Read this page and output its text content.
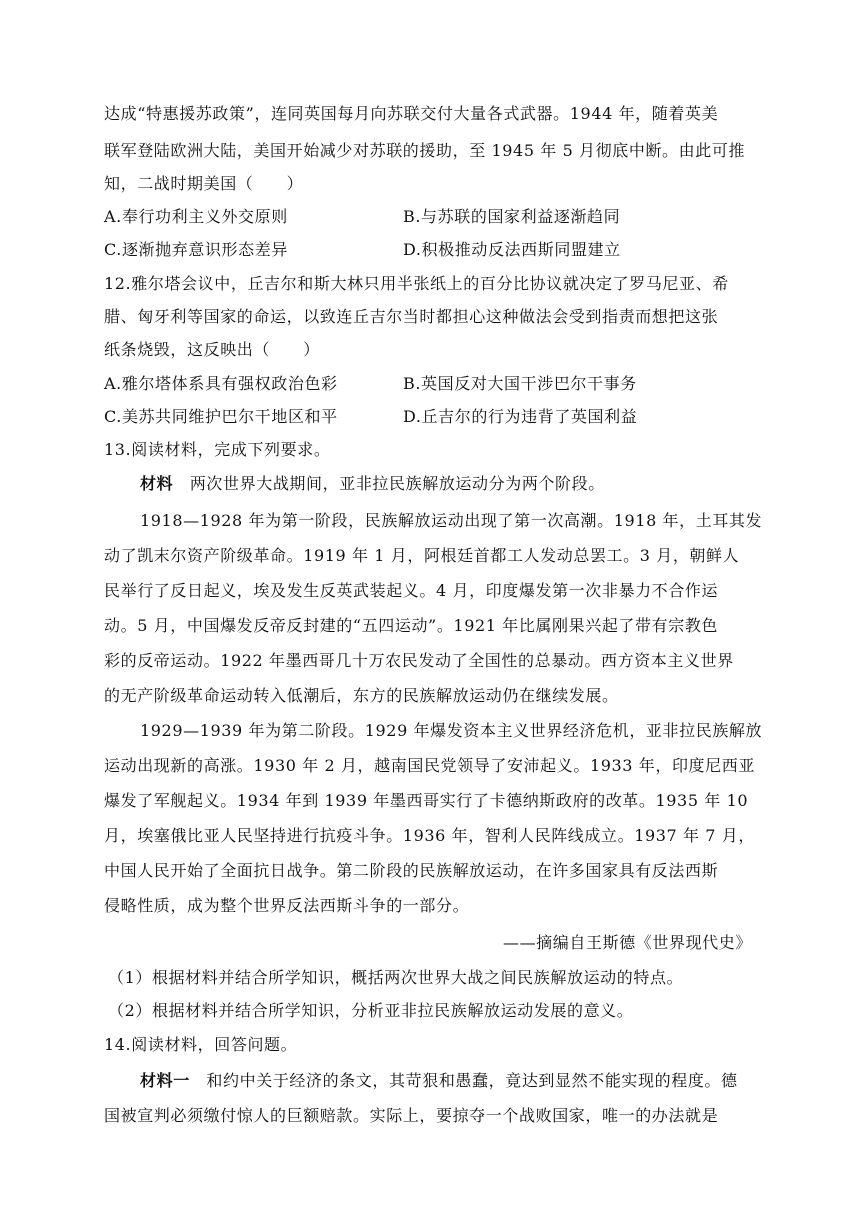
达成“特惠援苏政策”，连同英国每月向苏联交付大量各式武器。1944 年，随着英美
联军登陆欧洲大陆，美国开始减少对苏联的援助，至 1945 年 5 月彻底中断。由此可推
知，二战时期美国（　　）
A.奉行功利主义外交原则	B.与苏联的国家利益逐渐趋同
C.逐渐抛弃意识形态差异	D.积极推动反法西斯同盟建立
12.雅尔塔会议中，丘吉尔和斯大林只用半张纸上的百分比协议就决定了罗马尼亚、希
腊、匈牙利等国家的命运，以致连丘吉尔当时都担心这种做法会受到指责而想把这张
纸条烧毁，这反映出（　　）
A.雅尔塔体系具有强权政治色彩	B.英国反对大国干涉巴尔干事务
C.美苏共同维护巴尔干地区和平	D.丘吉尔的行为违背了英国利益
13.阅读材料，完成下列要求。
材料　 两次世界大战期间，亚非拉民族解放运动分为两个阶段。
1918—1928 年为第一阶段，民族解放运动出现了第一次高潮。1918 年，土耳其发
动了凯末尔资产阶级革命。1919 年 1 月，阿根廷首都工人发动总罢工。3 月，朝鲜人
民举行了反日起义，埃及发生反英武装起义。4 月，印度爆发第一次非暴力不合作运
动。5 月，中国爆发反帝反封建的“五四运动”。1921 年比属刚果兴起了带有宗教色
彩的反帝运动。1922 年墨西哥几十万农民发动了全国性的总暴动。西方资本主义世界
的无产阶级革命运动转入低潮后，东方的民族解放运动仍在继续发展。
1929—1939 年为第二阶段。1929 年爆发资本主义世界经济危机，亚非拉民族解放
运动出现新的高涨。1930 年 2 月，越南国民党领导了安沛起义。1933 年，印度尼西亚
爆发了军舰起义。1934 年到 1939 年墨西哥实行了卡德纳斯政府的改革。1935 年 10
月，埃塞俄比亚人民坚持进行抗疫斗争。1936 年，智利人民阵线成立。1937 年 7 月，
中国人民开始了全面抗日战争。第二阶段的民族解放运动，在许多国家具有反法西斯
侵略性质，成为整个世界反法西斯斗争的一部分。
——摘编自王斯德《世界现代史》
（1）根据材料并结合所学知识，概括两次世界大战之间民族解放运动的特点。
（2）根据材料并结合所学知识，分析亚非拉民族解放运动发展的意义。
14.阅读材料，回答问题。
材料一　 和约中关于经济的条文，其苛狠和愚蠢，竟达到显然不能实现的程度。德
国被宣判必须缴付惊人的巨额赔款。实际上，要掠夺一个战败国家，唯一的办法就是
